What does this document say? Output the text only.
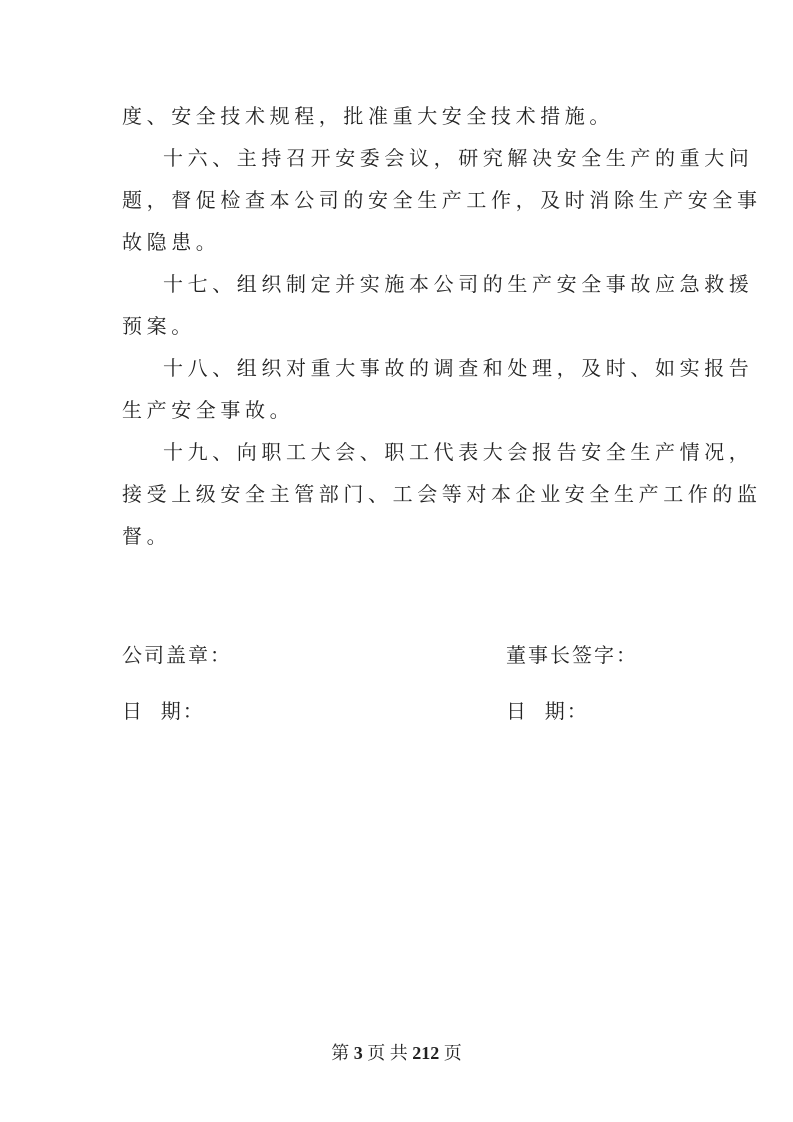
度、安全技术规程，批准重大安全技术措施。
十六、主持召开安委会议，研究解决安全生产的重大问
题，督促检查本公司的安全生产工作，及时消除生产安全事
故隐患。
十七、组织制定并实施本公司的生产安全事故应急救援
预案。
十八、组织对重大事故的调查和处理，及时、如实报告
生产安全事故。
十九、向职工大会、职工代表大会报告安全生产情况，
接受上级安全主管部门、工会等对本企业安全生产工作的监
督。
公司盖章：	董事长签字：
日  期：	日  期：
第 3 页 共 212 页
